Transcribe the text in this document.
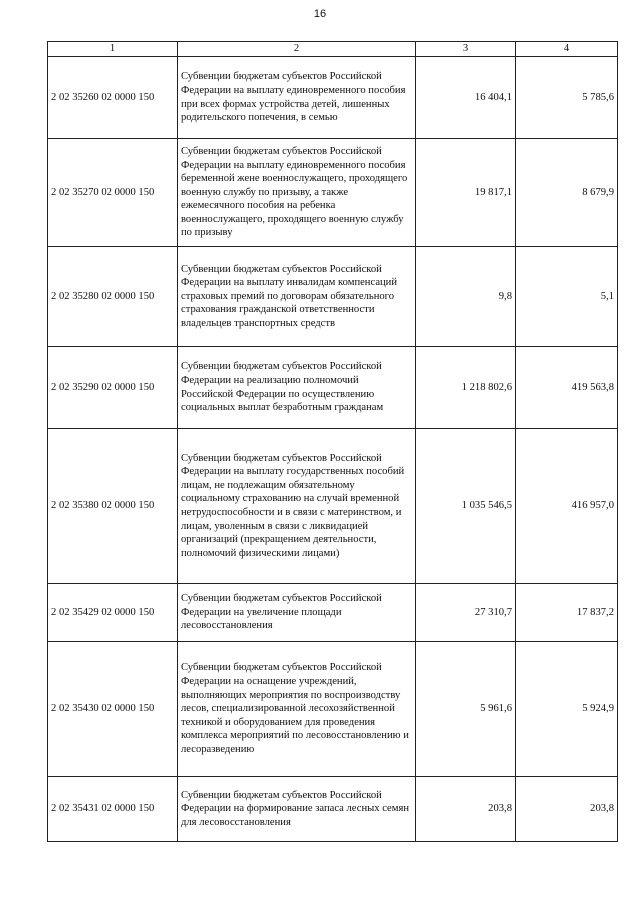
16
1	2	3	4
2 02 35260 02 0000 150	Субвенции бюджетам субъектов Российской Федерации на выплату единовременного пособия при всех формах устройства детей, лишенных родительского попечения, в семью	16 404,1	5 785,6
2 02 35270 02 0000 150	Субвенции бюджетам субъектов Российской Федерации на выплату единовременного пособия беременной жене военнослужащего, проходящего военную службу по призыву, а также ежемесячного пособия на ребенка военнослужащего, проходящего военную службу по призыву	19 817,1	8 679,9
2 02 35280 02 0000 150	Субвенции бюджетам субъектов Российской Федерации на выплату инвалидам компенсаций страховых премий по договорам обязательного страхования гражданской ответственности владельцев транспортных средств	9,8	5,1
2 02 35290 02 0000 150	Субвенции бюджетам субъектов Российской Федерации на реализацию полномочий Российской Федерации по осуществлению социальных выплат безработным гражданам	1 218 802,6	419 563,8
2 02 35380 02 0000 150	Субвенции бюджетам субъектов Российской Федерации на выплату государственных пособий лицам, не подлежащим обязательному социальному страхованию на случай временной нетрудоспособности и в связи с материнством, и лицам, уволенным в связи с ликвидацией организаций (прекращением деятельности, полномочий физическими лицами)	1 035 546,5	416 957,0
2 02 35429 02 0000 150	Субвенции бюджетам субъектов Российской Федерации на увеличение площади лесовосстановления	27 310,7	17 837,2
2 02 35430 02 0000 150	Субвенции бюджетам субъектов Российской Федерации на оснащение учреждений, выполняющих мероприятия по воспроизводству лесов, специализированной лесохозяйственной техникой и оборудованием для проведения комплекса мероприятий по лесовосстановлению и лесоразведению	5 961,6	5 924,9
2 02 35431 02 0000 150	Субвенции бюджетам субъектов Российской Федерации на формирование запаса лесных семян для лесовосстановления	203,8	203,8
